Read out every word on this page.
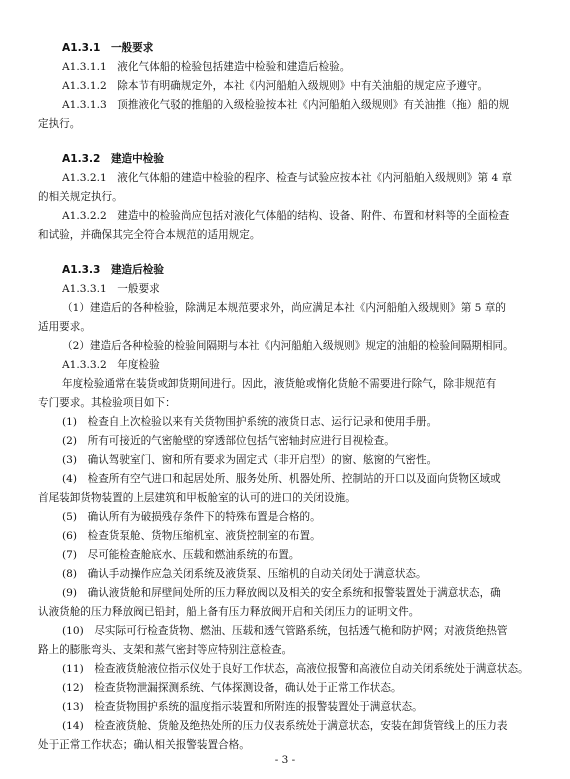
A1.3.1　一般要求
A1.3.1.1　液化气体船的检验包括建造中检验和建造后检验。
A1.3.1.2　除本节有明确规定外，本社《内河船舶入级规则》中有关油船的规定应予遵守。
A1.3.1.3　顶推液化气驳的推船的入级检验按本社《内河船舶入级规则》有关油推（拖）船的规
定执行。
A1.3.2　建造中检验
A1.3.2.1　液化气体船的建造中检验的程序、检查与试验应按本社《内河船舶入级规则》第 4 章
的相关规定执行。
A1.3.2.2　建造中的检验尚应包括对液化气体船的结构、设备、附件、布置和材料等的全面检查
和试验，并确保其完全符合本规范的适用规定。
A1.3.3　建造后检验
A1.3.3.1　一般要求
（1）建造后的各种检验，除满足本规范要求外，尚应满足本社《内河船舶入级规则》第 5 章的
适用要求。
（2）建造后各种检验的检验间隔期与本社《内河船舶入级规则》规定的油船的检验间隔期相同。
A1.3.3.2　年度检验
年度检验通常在装货或卸货期间进行。因此，液货舱或惰化货舱不需要进行除气，除非规范有
专门要求。其检验项目如下：
(1)　检查自上次检验以来有关货物围护系统的液货日志、运行记录和使用手册。
(2)　所有可接近的气密舱壁的穿透部位包括气密轴封应进行目视检查。
(3)　确认驾驶室门、窗和所有要求为固定式（非开启型）的窗、舷窗的气密性。
(4)　检查所有空气进口和起居处所、服务处所、机器处所、控制站的开口以及面向货物区域或
首尾装卸货物装置的上层建筑和甲板舱室的认可的进口的关闭设施。
(5)　确认所有为破损残存条件下的特殊布置是合格的。
(6)　检查货泵舱、货物压缩机室、液货控制室的布置。
(7)　尽可能检查舱底水、压载和燃油系统的布置。
(8)　确认手动操作应急关闭系统及液货泵、压缩机的自动关闭处于满意状态。
(9)　确认液货舱和屏壁间处所的压力释放阀以及相关的安全系统和报警装置处于满意状态，确
认液货舱的压力释放阀已铅封，船上备有压力释放阀开启和关闭压力的证明文件。
(10)　尽实际可行检查货物、燃油、压载和透气管路系统，包括透气桅和防护网；对液货绝热管
路上的膨胀弯头、支架和蒸气密封等应特别注意检查。
(11)　检查液货舱液位指示仪处于良好工作状态，高液位报警和高液位自动关闭系统处于满意状态。
(12)　检查货物泄漏探测系统、气体探测设备，确认处于正常工作状态。
(13)　检查货物围护系统的温度指示装置和所附连的报警装置处于满意状态。
(14)　检查液货舱、货舱及绝热处所的压力仪表系统处于满意状态，安装在卸货管线上的压力表
处于正常工作状态；确认相关报警装置合格。
- 3 -
